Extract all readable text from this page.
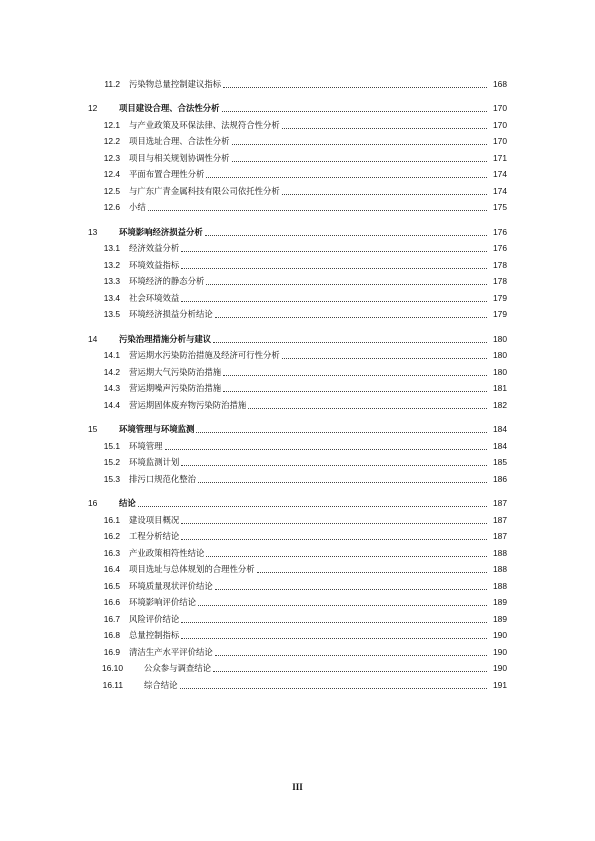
11.2 污染物总量控制建议指标	168
12	项目建设合理、合法性分析	170
12.1 与产业政策及环保法律、法规符合性分析	170
12.2 项目选址合理、合法性分析	170
12.3 项目与相关规划协调性分析	171
12.4 平面布置合理性分析	174
12.5 与广东广青金属科技有限公司依托性分析	174
12.6 小结	175
13	环境影响经济损益分析	176
13.1 经济效益分析	176
13.2 环境效益指标	178
13.3 环境经济的静态分析	178
13.4 社会环境效益	179
13.5 环境经济损益分析结论	179
14	污染治理措施分析与建议	180
14.1 营运期水污染防治措施及经济可行性分析	180
14.2 营运期大气污染防治措施	180
14.3 营运期噪声污染防治措施	181
14.4 营运期固体废弃物污染防治措施	182
15	环境管理与环境监测	184
15.1 环境管理	184
15.2 环境监测计划	185
15.3 排污口规范化整治	186
16	结论	187
16.1 建设项目概况	187
16.2 工程分析结论	187
16.3 产业政策相符性结论	188
16.4 项目选址与总体规划的合理性分析	188
16.5 环境质量现状评价结论	188
16.6 环境影响评价结论	189
16.7 风险评价结论	189
16.8 总量控制指标	190
16.9 清洁生产水平评价结论	190
16.10	公众参与调查结论	190
16.11	综合结论	191
III
